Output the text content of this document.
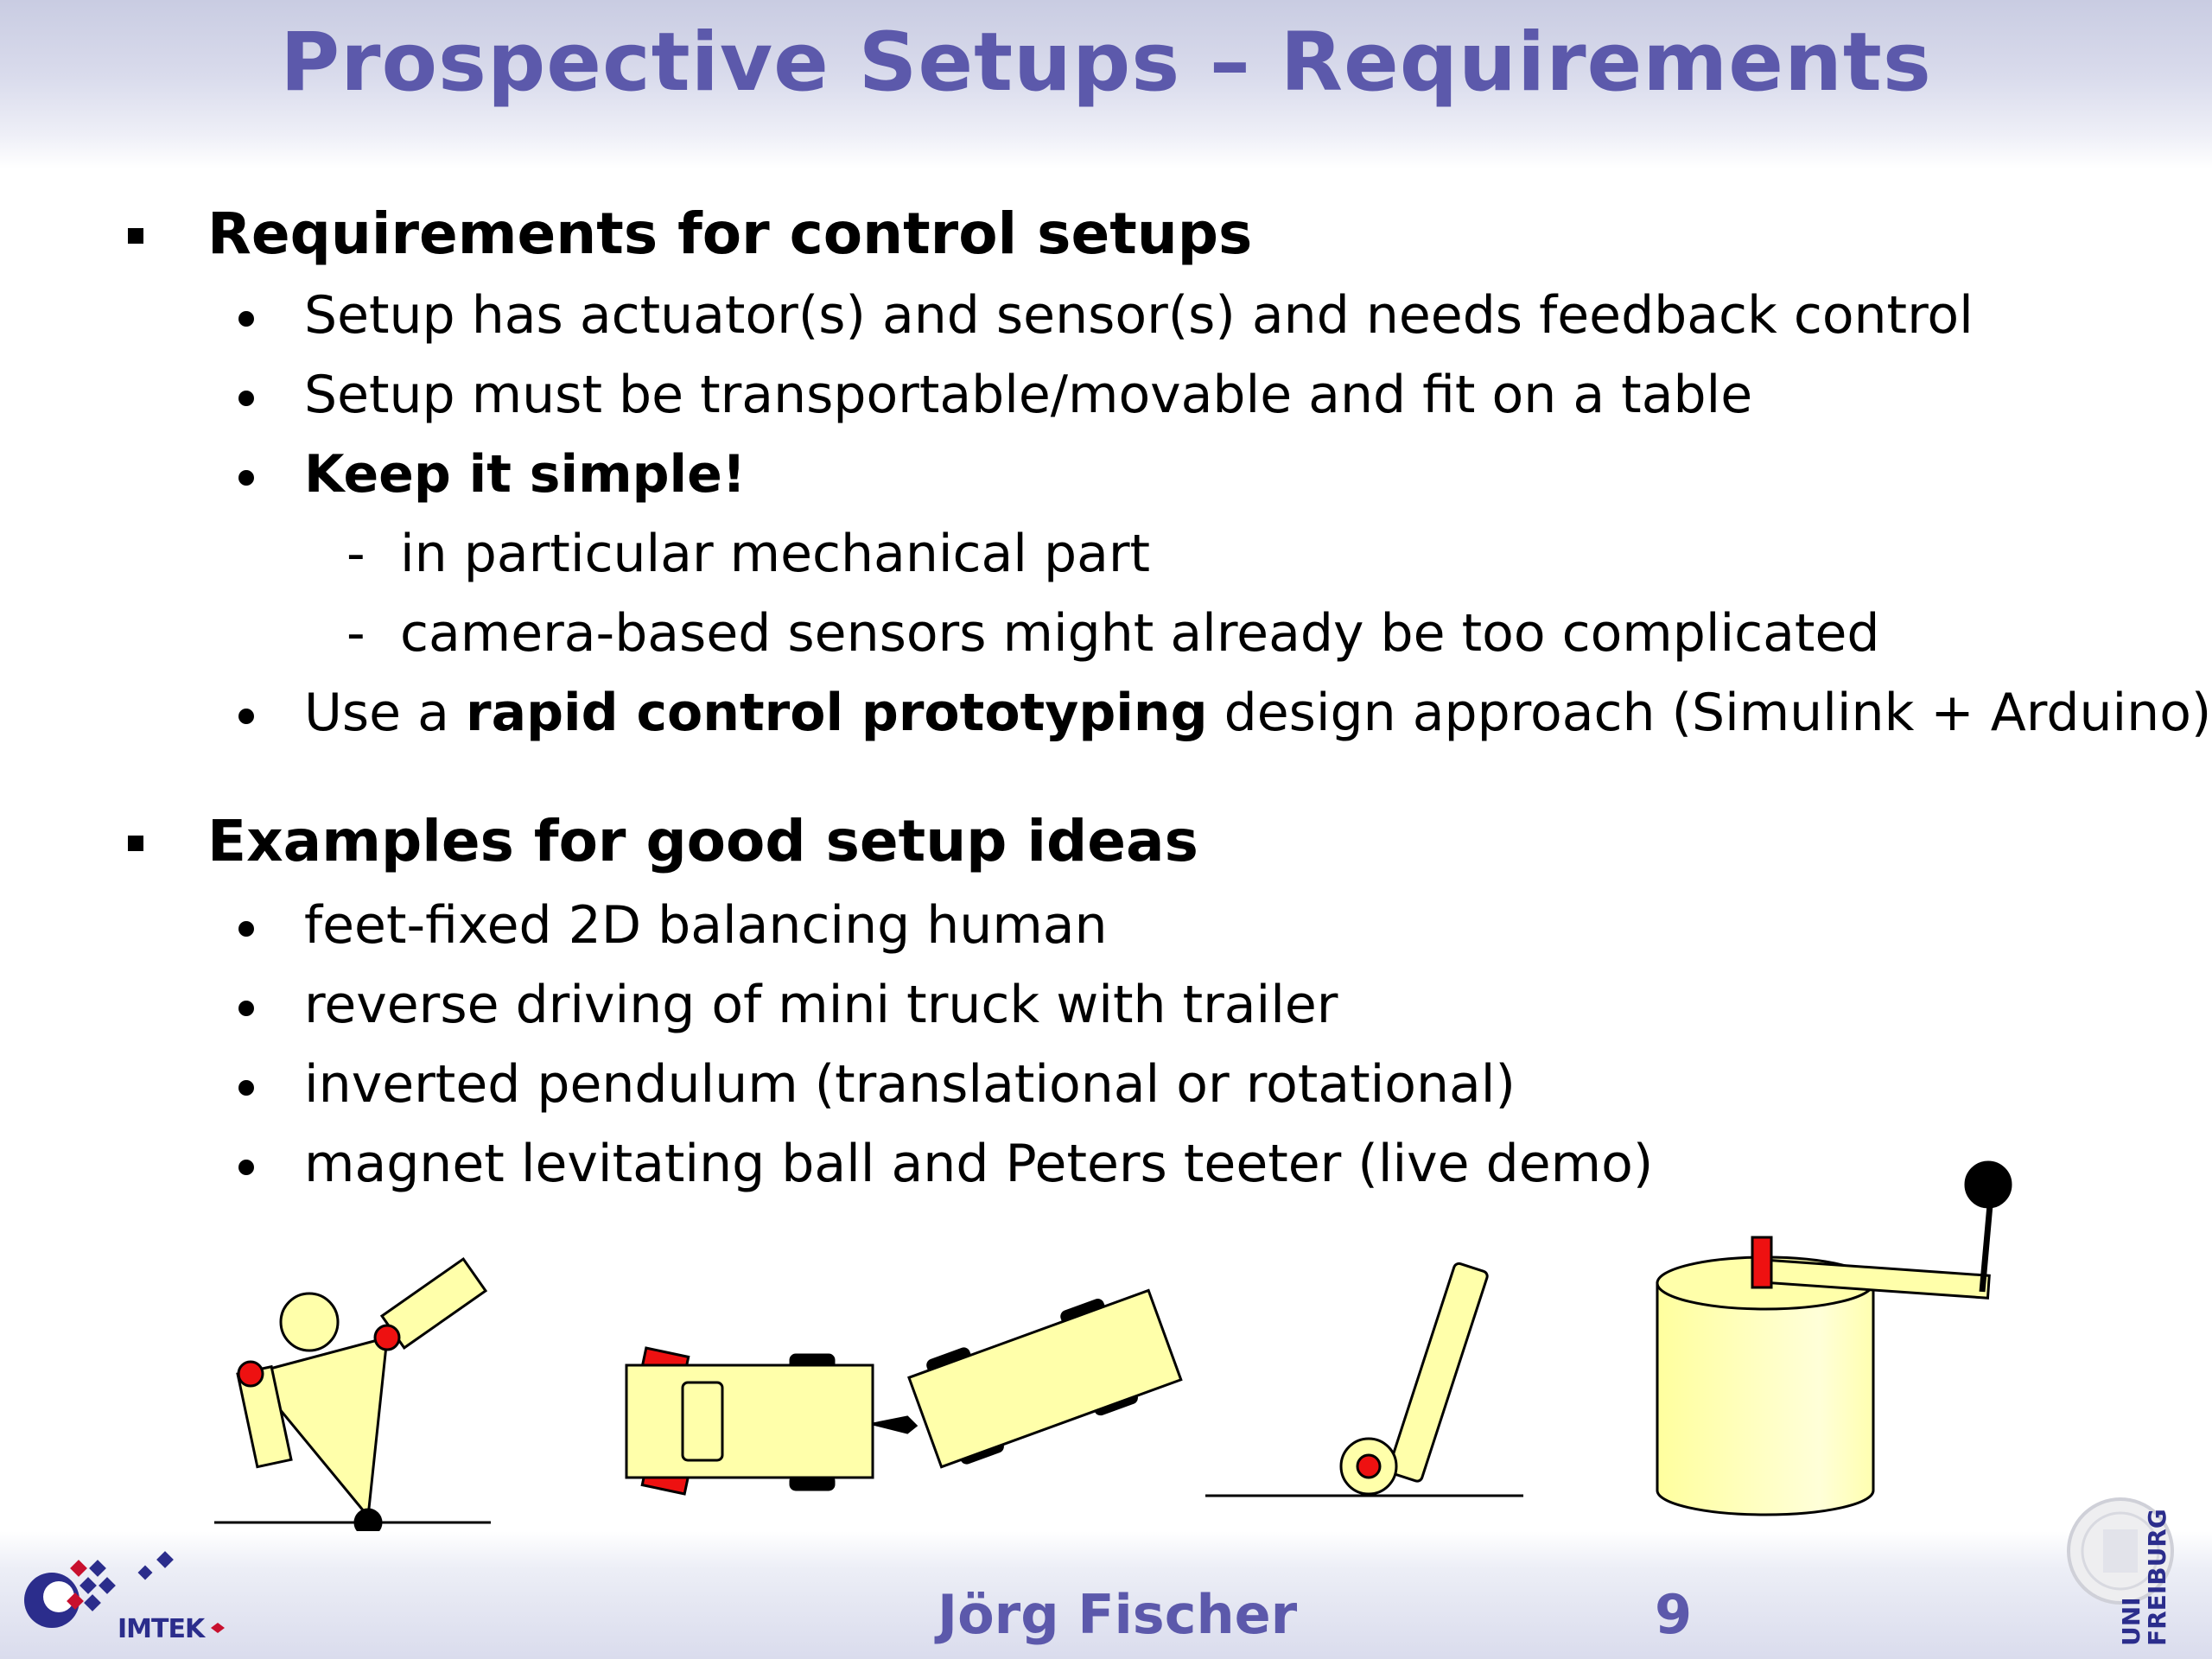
Prospective Setups – Requirements
Requirements for control setups
Setup has actuator(s) and sensor(s) and needs feedback control
Setup must be transportable/movable and fit on a table
Keep it simple!
- in particular mechanical part
- camera-based sensors might already be too complicated
Use a rapid control prototyping design approach (Simulink + Arduino)
Examples for good setup ideas
feet-fixed 2D balancing human
reverse driving of mini truck with trailer
inverted pendulum (translational or rotational)
magnet levitating ball and Peters teeter (live demo)
IMTEK	Jörg Fischer	9	UNI
FREIBURG
